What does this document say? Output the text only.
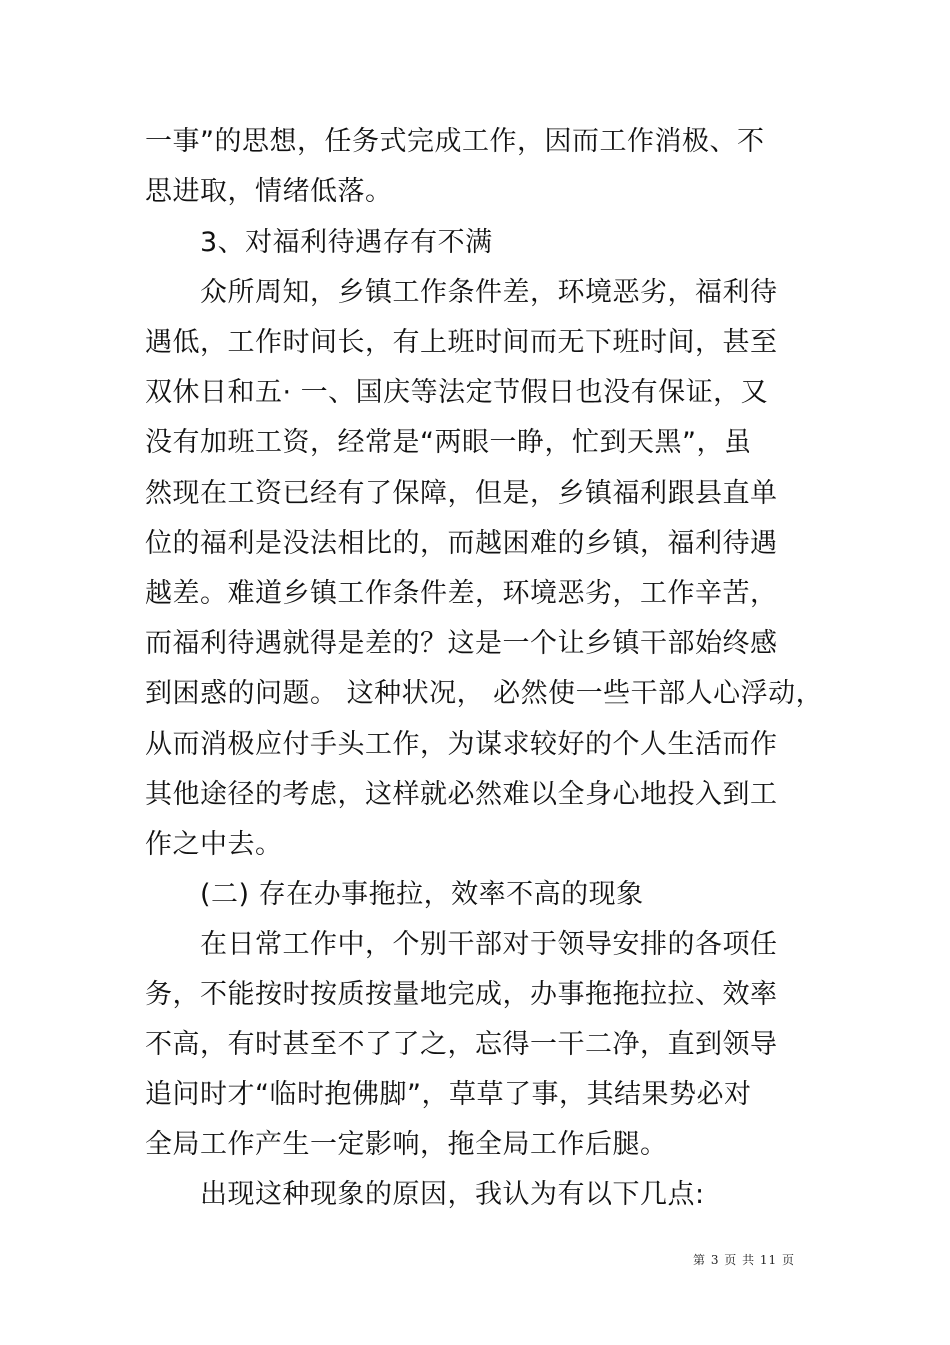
一事”的思想，任务式完成工作，因而工作消极、不
思进取，情绪低落。
3、对福利待遇存有不满
众所周知，乡镇工作条件差，环境恶劣，福利待
遇低，工作时间长，有上班时间而无下班时间，甚至
双休日和五· 一、国庆等法定节假日也没有保证，又
没有加班工资，经常是“两眼一睁，忙到天黑”，虽
然现在工资已经有了保障，但是，乡镇福利跟县直单
位的福利是没法相比的，而越困难的乡镇，福利待遇
越差。难道乡镇工作条件差，环境恶劣，工作辛苦，
而福利待遇就得是差的？这是一个让乡镇干部始终感
到困惑的问题。 这种状况， 必然使一些干部人心浮动，
从而消极应付手头工作，为谋求较好的个人生活而作
其他途径的考虑，这样就必然难以全身心地投入到工
作之中去。
(二) 存在办事拖拉，效率不高的现象
在日常工作中，个别干部对于领导安排的各项任
务，不能按时按质按量地完成，办事拖拖拉拉、效率
不高，有时甚至不了了之，忘得一干二净，直到领导
追问时才“临时抱佛脚”，草草了事，其结果势必对
全局工作产生一定影响，拖全局工作后腿。
出现这种现象的原因，我认为有以下几点:
第 3 页 共 11 页
